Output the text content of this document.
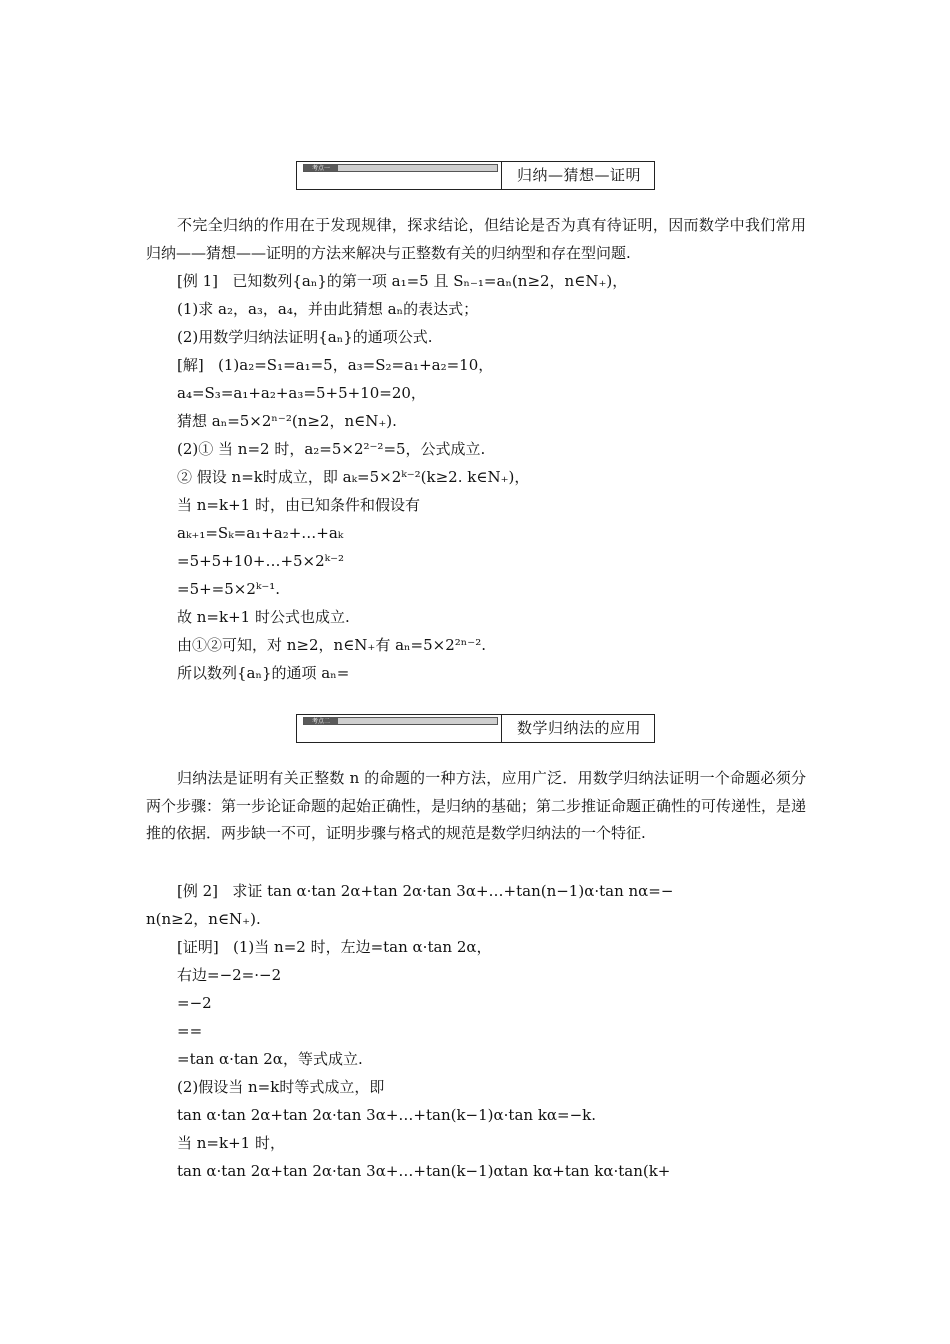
考点一	归纳—猜想—证明
不完全归纳的作用在于发现规律，探求结论，但结论是否为真有待证明，因而数学中我们常用归纳——猜想——证明的方法来解决与正整数有关的归纳型和存在型问题.
[例 1] 已知数列{aₙ}的第一项 a₁=5 且 Sₙ₋₁=aₙ(n≥2，n∈N₊)，
(1)求 a₂，a₃，a₄，并由此猜想 aₙ的表达式；
(2)用数学归纳法证明{aₙ}的通项公式.
[解] (1)a₂=S₁=a₁=5，a₃=S₂=a₁+a₂=10，
a₄=S₃=a₁+a₂+a₃=5+5+10=20，
猜想 aₙ=5×2ⁿ⁻²(n≥2，n∈N₊).
(2)① 当 n=2 时，a₂=5×2²⁻²=5，公式成立.
② 假设 n=k时成立，即 aₖ=5×2ᵏ⁻²(k≥2. k∈N₊)，
当 n=k+1 时，由已知条件和假设有
aₖ₊₁=Sₖ=a₁+a₂+…+aₖ
=5+5+10+…+5×2ᵏ⁻²
=5+=5×2ᵏ⁻¹.
故 n=k+1 时公式也成立.
由①②可知，对 n≥2，n∈N₊有 aₙ=5×2²ⁿ⁻².
所以数列{aₙ}的通项 aₙ=
考点二	数学归纳法的应用
归纳法是证明有关正整数 n 的命题的一种方法，应用广泛．用数学归纳法证明一个命题必须分两个步骤：第一步论证命题的起始正确性，是归纳的基础；第二步推证命题正确性的可传递性，是递推的依据．两步缺一不可，证明步骤与格式的规范是数学归纳法的一个特征.
[例 2] 求证 tan α·tan 2α+tan 2α·tan 3α+…+tan(n−1)α·tan nα=−
n(n≥2，n∈N₊).
[证明] (1)当 n=2 时，左边=tan α·tan 2α，
右边=−2=·−2
=−2
==
=tan α·tan 2α，等式成立.
(2)假设当 n=k时等式成立，即
tan α·tan 2α+tan 2α·tan 3α+…+tan(k−1)α·tan kα=−k.
当 n=k+1 时，
tan α·tan 2α+tan 2α·tan 3α+…+tan(k−1)αtan kα+tan kα·tan(k+
